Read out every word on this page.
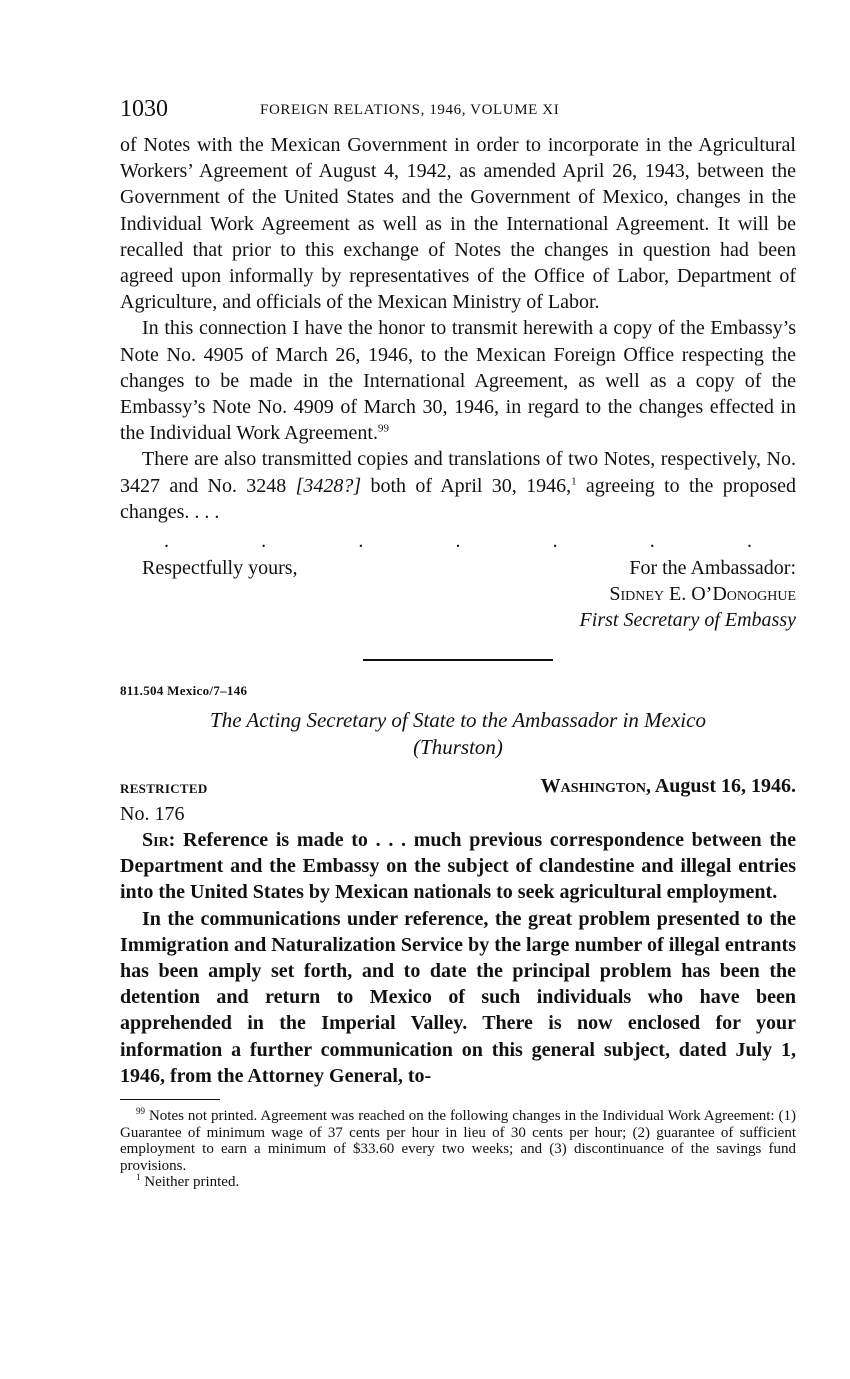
1030	FOREIGN RELATIONS, 1946, VOLUME XI

of Notes with the Mexican Government in order to incorporate in the Agricultural Workers’ Agreement of August 4, 1942, as amended April 26, 1943, between the Government of the United States and the Government of Mexico, changes in the Individual Work Agreement as well as in the International Agreement. It will be recalled that prior to this exchange of Notes the changes in question had been agreed upon informally by representatives of the Office of Labor, Department of Agriculture, and officials of the Mexican Ministry of Labor.

In this connection I have the honor to transmit herewith a copy of the Embassy’s Note No. 4905 of March 26, 1946, to the Mexican Foreign Office respecting the changes to be made in the International Agreement, as well as a copy of the Embassy’s Note No. 4909 of March 30, 1946, in regard to the changes effected in the Individual Work Agreement.$^{99}$

There are also transmitted copies and translations of two Notes, respectively, No. 3427 and No. 3248 [3428?] both of April 30, 1946,$^1$ agreeing to the proposed changes. . . .

.	.	.	.	.	.	.
Respectfully yours,	For the Ambassador:
Sidney E. O’Donoghue
First Secretary of Embassy
811.504 Mexico/7–146
The Acting Secretary of State to the Ambassador in Mexico
(Thurston)
RESTRICTED	Washington, August 16, 1946.
No. 176

Sir: Reference is made to . . . much previous correspondence between the Department and the Embassy on the subject of clandestine and illegal entries into the United States by Mexican nationals to seek agricultural employment.

In the communications under reference, the great problem presented to the Immigration and Naturalization Service by the large number of illegal entrants has been amply set forth, and to date the principal problem has been the detention and return to Mexico of such individuals who have been apprehended in the Imperial Valley. There is now enclosed for your information a further communication on this general subject, dated July 1, 1946, from the Attorney General, to-

$^{99}$ Notes not printed. Agreement was reached on the following changes in the Individual Work Agreement: (1) Guarantee of minimum wage of 37 cents per hour in lieu of 30 cents per hour; (2) guarantee of sufficient employment to earn a minimum of $33.60 every two weeks; and (3) discontinuance of the savings fund provisions.
$^1$ Neither printed.
